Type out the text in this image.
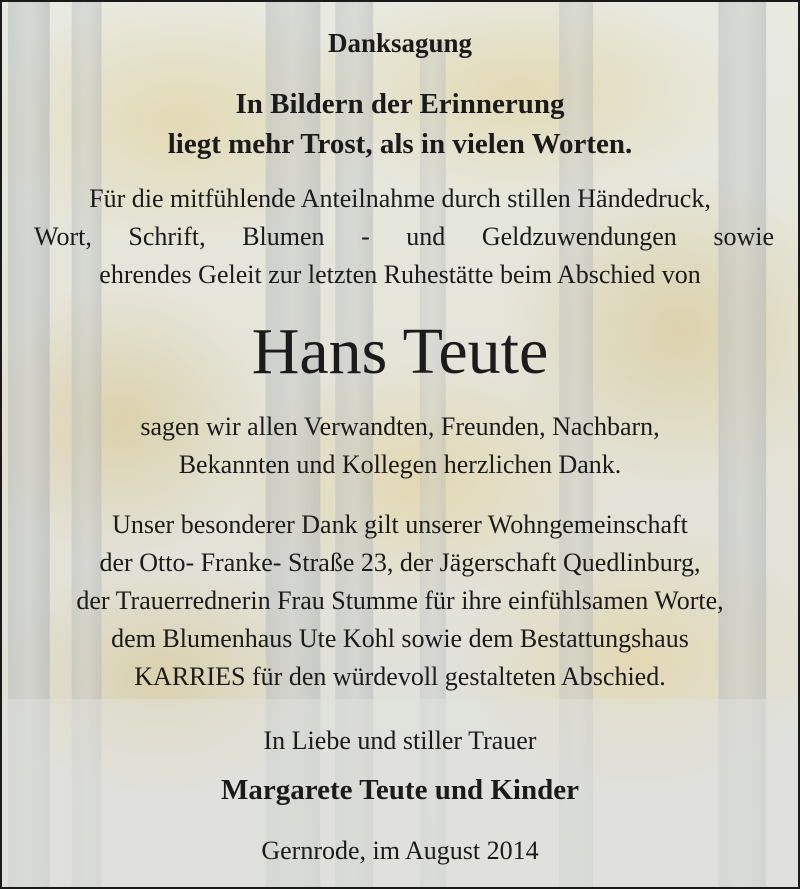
Danksagung
In Bildern der Erinnerung
liegt mehr Trost, als in vielen Worten.
Für die mitfühlende Anteilnahme durch stillen Händedruck,
Wort, Schrift, Blumen - und Geldzuwendungen sowie
ehrendes Geleit zur letzten Ruhestätte beim Abschied von
Hans Teute
sagen wir allen Verwandten, Freunden, Nachbarn,
Bekannten und Kollegen herzlichen Dank.
Unser besonderer Dank gilt unserer Wohngemeinschaft
der Otto- Franke- Straße 23, der Jägerschaft Quedlinburg,
der Trauerrednerin Frau Stumme für ihre einfühlsamen Worte,
dem Blumenhaus Ute Kohl sowie dem Bestattungshaus
KARRIES für den würdevoll gestalteten Abschied.
In Liebe und stiller Trauer
Margarete Teute und Kinder
Gernrode, im August 2014
